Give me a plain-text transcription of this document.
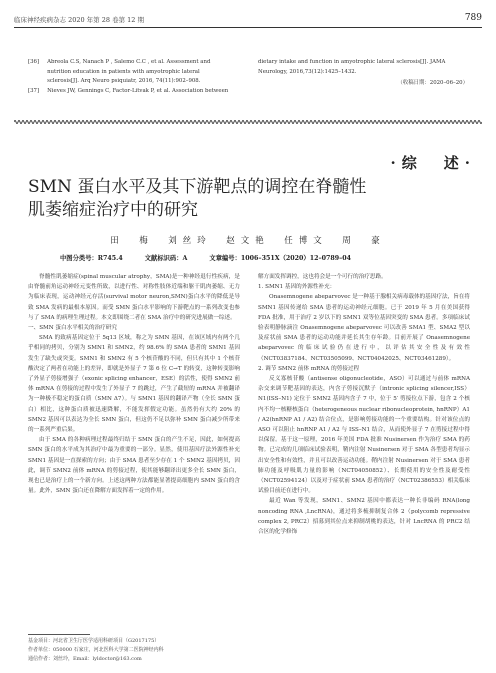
临床神经疾病杂志 2020 年第 28 卷第 12 期	789
[36] Abreola C.S, Nanach P , Salemo C.C , et al. Assessment and nutrition education in patients with amyotrophic lateral sclerosis[J]. Arq Neuro psiquiatr, 2016, 74(11):902–908.
[37] Nieves JW, Gennings C, Factor-Litvak P, et al. Association between
dietary intake and function in amyotrophic lateral sclerosis[J]. JAMA Neurology, 2016,73(12):1425–1432.
（收稿日期：2020–06–20）
·综　述·
SMN 蛋白水平及其下游靶点的调控在脊髓性
肌萎缩症治疗中的研究
田　梅　刘丝玲　赵文艳　任博文　周　豪
中图分类号：R745.4	文献标识码：A	文章编号：1006–351X（2020）12–0789–04

脊髓性肌萎缩症(spinal muscular atrophy，SMA)是一种神经退行性疾病，是由脊髓前角运动神经元变性所致，以进行性、对称性肢体近端和躯干肌肉萎缩、无力为临床表现，运动神经元存活(survival motor neuron,SMN)蛋白水平的降低是导致 SMA 发病的最根本原因。而受 SMN 蛋白水平影响的下游靶点的一系列改变也参与了 SMA 的病理生理过程。本文即围绕二者在 SMA 治疗中的研究进展做一综述。

一、SMN 蛋白水平相关的治疗研究

SMA 的致病基因定位于 5q13 区域，称之为 SMN 基因，在该区域内有两个几乎相同的拷贝，分别为 SMN1 和 SMN2，约 98.6% 的 SMA 患者的 SMN1 基因发生了缺失或突变。SMN1 和 SMN2 有 5 个核苷酸的不同，但只有其中 1 个核苷酸决定了两者在功能上的差异，即就是外显子 7 第 6 位 C→T 的转变，这种转变影响了外显子剪接增强子（exonic splicing enhancer，ESE）的活性，使得 SMN2 前体 mRNA 在剪接的过程中发生了外显子 7 的跳过，产生了截短的 mRNA 并被翻译为一种极不稳定的蛋白质（SMN Δ7）。与 SMN1 基因的翻译产物（全长 SMN 蛋白）相比，这种蛋白质被迅速降解，不能发挥假定功能。虽然仍有大约 20% 的 SMN2 基因可以表达为全长 SMN 蛋白，但这仍不足以弥补 SMN 蛋白减少所带来的一系列严重后果。

由于 SMA 的各种病理过程最终归结于 SMN 蛋白的产生不足，因此，如何提高 SMN 蛋白的水平成为其治疗中最为重要的一部分。显然，使用基因疗法外源性补充 SMN1 基因是一直探索的方向；由于 SMA 患者至少存在 1 个 SMN2 基因拷贝，因此，调节 SMN2 前体 mRNA 的剪接过程，使其能够翻译出更多全长 SMN 蛋白，现也已是治疗上的一个新方向。上述这两种方法都能显著提高细胞内 SMN 蛋白的含量。此外，SMN 蛋白还在降解方面发挥着一定的作用。

解方面发挥调控，这也将会是一个可行的治疗思路。

1. SMN1 基因的外源性补充：

Onasemnogene abeparvovec 是一种基于腺相关病毒载体的基因疗法，旨在将 SMN1 基因传递给 SMA 患者的运动神经元细胞。已于 2019 年 5 月在美国获得 FDA 批准，用于治疗 2 岁以下的 SMN1 双等位基因突变的 SMA 患者。多项临床试验表明静脉滴注 Onasemnogene abeparvovec 可以改善 SMA1 型、SMA2 型以及症状前 SMA 患者的运动功能并延长其生存年龄。目前开展了 Onasemnogene abeparvovec 的临床试验仍在进行中，以评估其安全性及有效性（NCT03837184、NCT03505099、NCT04042025、NCT03461289）。

2. 调节 SMN2 前体 mRNA 的剪接过程

反义寡核苷酸（antisense oligonucleotide，ASO）可以通过与前体 mRNA 杂交来调节靶基因的表达，内含子剪接沉默子（intronic splicing silencer,ISS）N1(ISS–N1) 定位于 SMN2 基因内含子 7 中，位于 5′ 剪接位点下游，包含 2 个核内不均一核糖核蛋白（heterogeneous nuclear ribonucleoprotein, hnRNP）A1 / A2(hnRNP A1 / A2) 结合位点，是影响剪接功能的一个重要结构。针对该位点的 ASO 可以阻止 hnRNP A1 / A2 与 ISS–N1 结合，从而使外显子 7 在剪接过程中得以保留。基于这一原理，2016 年美国 FDA 批准 Nusinersen 作为治疗 SMA 的药物。已完成的几项临床试验表明，鞘内注射 Nusinersen 对于 SMA 各型患者均显示出安全性和有效性，并且可以改善运动功能。鞘内注射 Nusinersen 对于 SMA 患者肺功能及呼吸肌力量的影响（NCT04050852）、长期使用的安全性及耐受性（NCT02594124）以及对于症状前 SMA 患者的治疗（NCT02386553）相关临床试验目前还在进行中。

最近 Wan 等发现，SMN1、SMN2 基因中都表达一种长非编码 RNA(long noncoding RNA ,LncRNA)，通过将多梳抑制复合体 2（polycomb repressive complex 2, PRC2）招募到其位点来抑制胡桃的表达，针对 LncRNA 的 PRC2 结合区的化学修饰

基金项目：河北省卫生厅医学适用科研项目（G2017175）
作者单位：050000 石家庄，河北医科大学第二医院神经内科
通信作者：刘丝玲，Email：lyldoctor@163.com
